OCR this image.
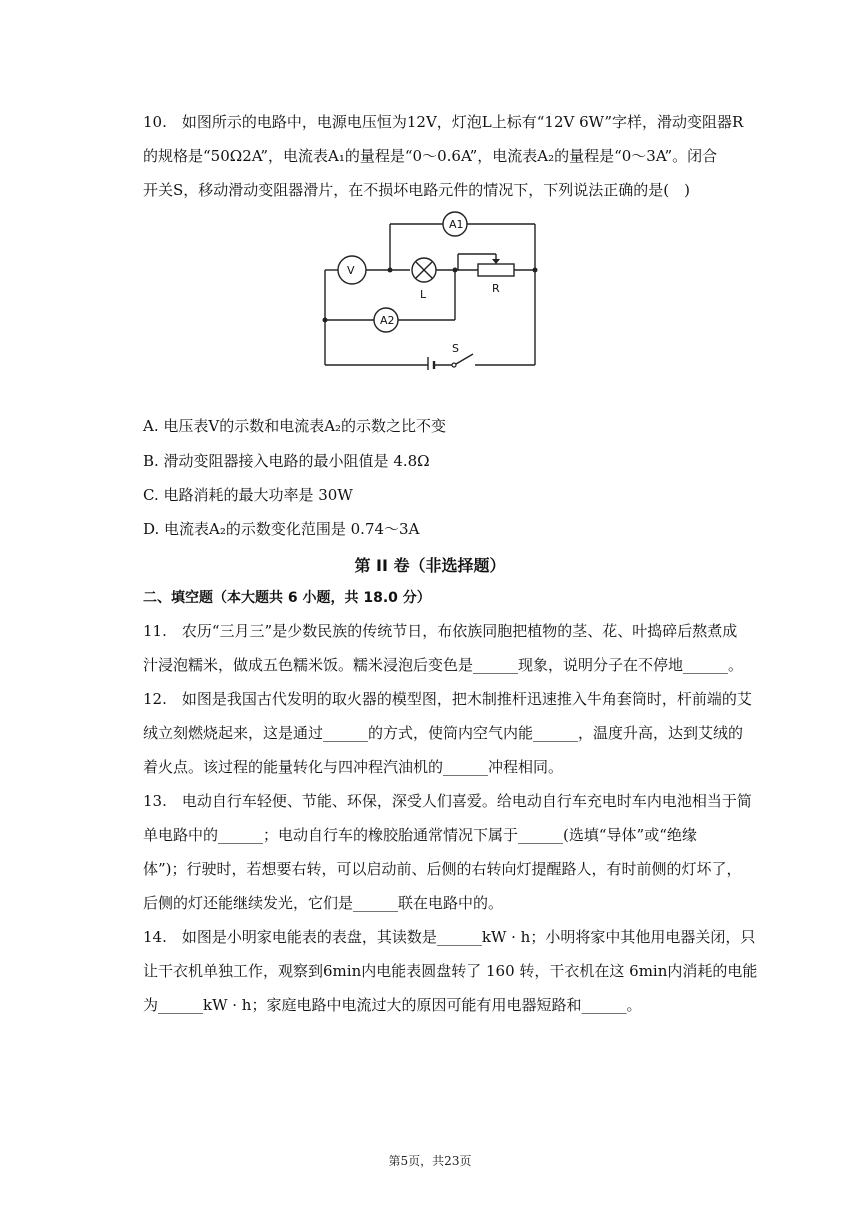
10.　如图所示的电路中，电源电压恒为12V，灯泡L上标有“12V 6W”字样，滑动变阻器R
的规格是“50Ω2A”，电流表A₁的量程是“0～0.6A”，电流表A₂的量程是“0～3A”。闭合
开关S，移动滑动变阻器滑片，在不损坏电路元件的情况下，下列说法正确的是(　)
A1
V
L	R
A2
S
A. 电压表V的示数和电流表A₂的示数之比不变
B. 滑动变阻器接入电路的最小阻值是 4.8Ω
C. 电路消耗的最大功率是 30W
D. 电流表A₂的示数变化范围是 0.74～3A
第 II 卷（非选择题）
二、填空题（本大题共 6 小题，共 18.0 分）
11.　农历“三月三”是少数民族的传统节日，布依族同胞把植物的茎、花、叶捣碎后熬煮成
汁浸泡糯米，做成五色糯米饭。糯米浸泡后变色是______现象，说明分子在不停地______。
12.　如图是我国古代发明的取火器的模型图，把木制推杆迅速推入牛角套筒时，杆前端的艾
绒立刻燃烧起来，这是通过______的方式，使筒内空气内能______，温度升高，达到艾绒的
着火点。该过程的能量转化与四冲程汽油机的______冲程相同。
13.　电动自行车轻便、节能、环保，深受人们喜爱。给电动自行车充电时车内电池相当于简
单电路中的______；电动自行车的橡胶胎通常情况下属于______(选填“导体”或“绝缘
体”)；行驶时，若想要右转，可以启动前、后侧的右转向灯提醒路人，有时前侧的灯坏了，
后侧的灯还能继续发光，它们是______联在电路中的。
14.　如图是小明家电能表的表盘，其读数是______kW · h；小明将家中其他用电器关闭，只
让干衣机单独工作，观察到6min内电能表圆盘转了 160 转，干衣机在这 6min内消耗的电能
为______kW · h；家庭电路中电流过大的原因可能有用电器短路和______。
第5页，共23页
